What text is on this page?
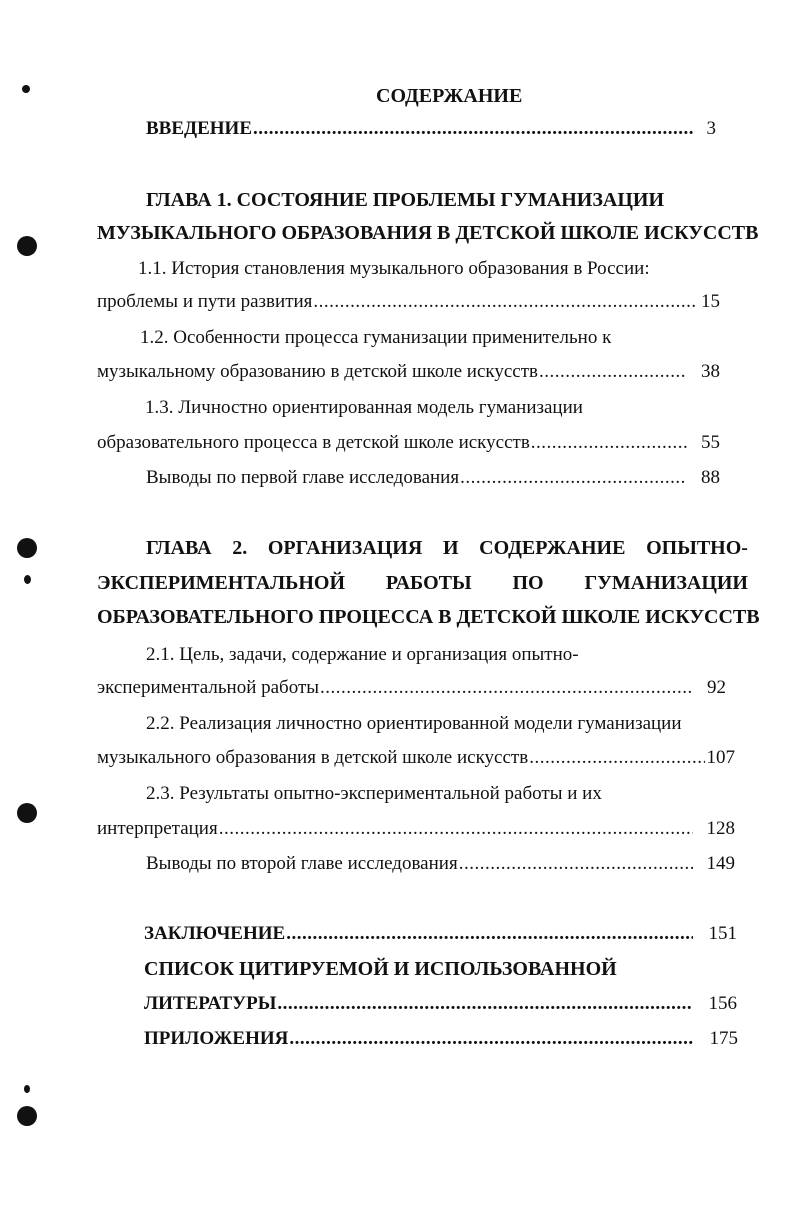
СОДЕРЖАНИЕ
ВВЕДЕНИЕ .....	3
ГЛАВА 1. СОСТОЯНИЕ ПРОБЛЕМЫ ГУМАНИЗАЦИИ
МУЗЫКАЛЬНОГО ОБРАЗОВАНИЯ В ДЕТСКОЙ ШКОЛЕ ИСКУССТВ
1.1. История становления музыкального образования в России:
проблемы и пути развития .....	15
1.2. Особенности процесса гуманизации применительно к
музыкальному образованию в детской школе искусств .....	38
1.3. Личностно ориентированная модель гуманизации
образовательного процесса в детской школе искусств .....	55
Выводы по первой главе исследования .....	88
ГЛАВА 2. ОРГАНИЗАЦИЯ И СОДЕРЖАНИЕ ОПЫТНО-
ЭКСПЕРИМЕНТАЛЬНОЙ РАБОТЫ ПО ГУМАНИЗАЦИИ
ОБРАЗОВАТЕЛЬНОГО ПРОЦЕССА В ДЕТСКОЙ ШКОЛЕ ИСКУССТВ
2.1. Цель, задачи, содержание и организация опытно-
экспериментальной работы .....	92
2.2. Реализация личностно ориентированной модели гуманизации
музыкального образования в детской школе искусств .....	107
2.3. Результаты опытно-экспериментальной работы и их
интерпретация .....	128
Выводы по второй главе исследования .....	149
ЗАКЛЮЧЕНИЕ .....	151
СПИСОК ЦИТИРУЕМОЙ И ИСПОЛЬЗОВАННОЙ
ЛИТЕРАТУРЫ .....	156
ПРИЛОЖЕНИЯ .....	175
